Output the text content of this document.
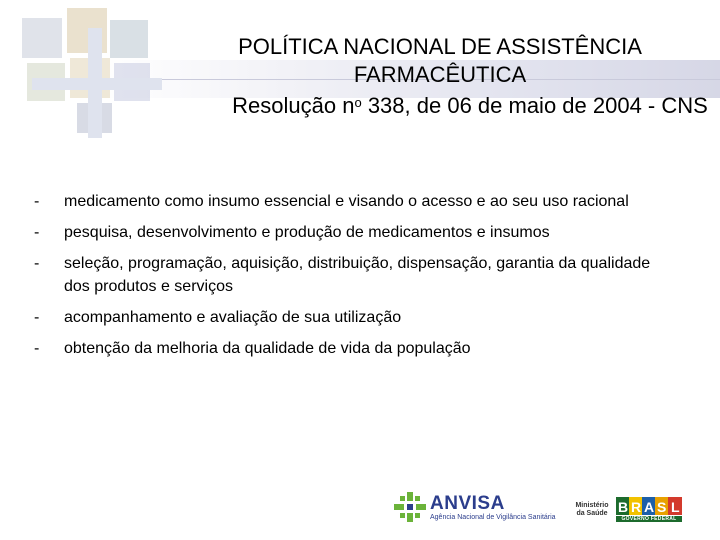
POLÍTICA NACIONAL DE ASSISTÊNCIA
FARMACÊUTICA
Resolução $n^o$ 338, de 06 de maio de 2004 - CNS
- medicamento como insumo essencial e visando o acesso e ao seu uso racional
- pesquisa, desenvolvimento e produção de medicamentos e insumos
- seleção, programação, aquisição, distribuição, dispensação, garantia da qualidade dos produtos e serviços
- acompanhamento e avaliação de sua utilização
- obtenção da melhoria da qualidade de vida da população
ANVISA
Agência Nacional de Vigilância Sanitária
Ministério
da Saúde B R A S L
GOVERNO FEDERAL
